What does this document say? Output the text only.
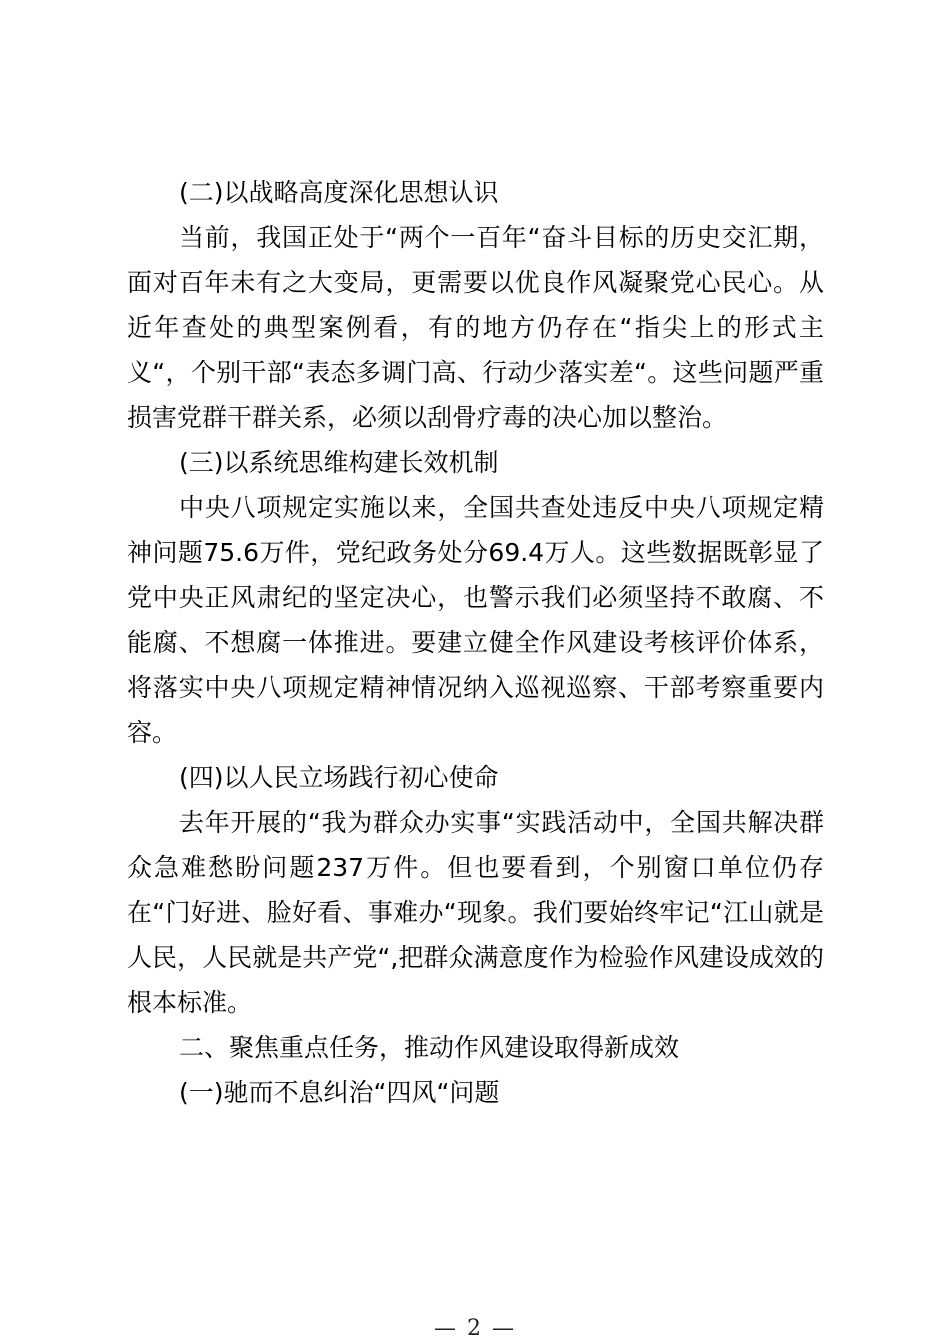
(二)以战略高度深化思想认识

当前，我国正处于“两个一百年“奋斗目标的历史交汇期，面对百年未有之大变局，更需要以优良作风凝聚党心民心。从近年查处的典型案例看，有的地方仍存在“指尖上的形式主义“，个别干部“表态多调门高、行动少落实差“。这些问题严重损害党群干群关系，必须以刮骨疗毒的决心加以整治。

(三)以系统思维构建长效机制

中央八项规定实施以来，全国共查处违反中央八项规定精神问题75.6万件，党纪政务处分69.4万人。这些数据既彰显了党中央正风肃纪的坚定决心，也警示我们必须坚持不敢腐、不能腐、不想腐一体推进。要建立健全作风建设考核评价体系，将落实中央八项规定精神情况纳入巡视巡察、干部考察重要内容。

(四)以人民立场践行初心使命

去年开展的“我为群众办实事“实践活动中，全国共解决群众急难愁盼问题237万件。但也要看到，个别窗口单位仍存在“门好进、脸好看、事难办“现象。我们要始终牢记“江山就是人民，人民就是共产党“,把群众满意度作为检验作风建设成效的根本标准。

二、聚焦重点任务，推动作风建设取得新成效

(一)驰而不息纠治“四风“问题

— 2 —
